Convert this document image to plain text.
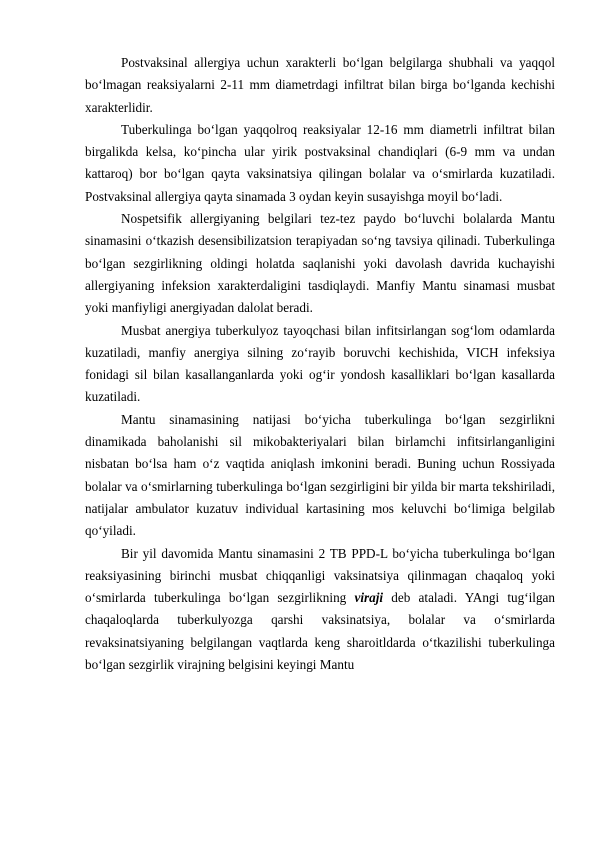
Postvaksinal allergiya uchun xarakterli bo‘lgan belgilarga shubhali va yaqqol bo‘lmagan reaksiyalarni 2-11 mm diametrdagi infiltrat bilan birga bo‘lganda kechishi xarakterlidir.

Tuberkulinga bo‘lgan yaqqolroq reaksiyalar 12-16 mm diametrli infiltrat bilan birgalikda kelsa, ko‘pincha ular yirik postvaksinal chandiqlari (6-9 mm va undan kattaroq) bor bo‘lgan qayta vaksinatsiya qilingan bolalar va o‘smirlarda kuzatiladi. Postvaksinal allergiya qayta sinamada 3 oydan keyin susayishga moyil bo‘ladi.

Nospetsifik allergiyaning belgilari tez-tez paydo bo‘luvchi bolalarda Mantu sinamasini o‘tkazish desensibilizatsion terapiyadan so‘ng tavsiya qilinadi. Tuberkulinga bo‘lgan sezgirlikning oldingi holatda saqlanishi yoki davolash davrida kuchayishi allergiyaning infeksion xarakterdaligini tasdiqlaydi. Manfiy Mantu sinamasi musbat yoki manfiyligi anergiyadan dalolat beradi.

Musbat anergiya tuberkulyoz tayoqchasi bilan infitsirlangan sog‘lom odamlarda kuzatiladi, manfiy anergiya silning zo‘rayib boruvchi kechishida, VICH infeksiya fonidagi sil bilan kasallanganlarda yoki og‘ir yondosh kasalliklari bo‘lgan kasallarda kuzatiladi.

Mantu sinamasining natijasi bo‘yicha tuberkulinga bo‘lgan sezgirlikni dinamikada baholanishi sil mikobakteriyalari bilan birlamchi infitsirlanganligini nisbatan bo‘lsa ham o‘z vaqtida aniqlash imkonini beradi. Buning uchun Rossiyada bolalar va o‘smirlarning tuberkulinga bo‘lgan sezgirligini bir yilda bir marta tekshiriladi, natijalar ambulator kuzatuv individual kartasining mos keluvchi bo‘limiga belgilab qo‘yiladi.

Bir yil davomida Mantu sinamasini 2 TB PPD-L bo‘yicha tuberkulinga bo‘lgan reaksiyasining birinchi musbat chiqqanligi vaksinatsiya qilinmagan chaqaloq yoki o‘smirlarda tuberkulinga bo‘lgan sezgirlikning viraji deb ataladi. YAngi tug‘ilgan chaqaloqlarda tuberkulyozga qarshi vaksinatsiya, bolalar va o‘smirlarda revaksinatsiyaning belgilangan vaqtlarda keng sharoitldarda o‘tkazilishi tuberkulinga bo‘lgan sezgirlik virajning belgisini keyingi Mantu
